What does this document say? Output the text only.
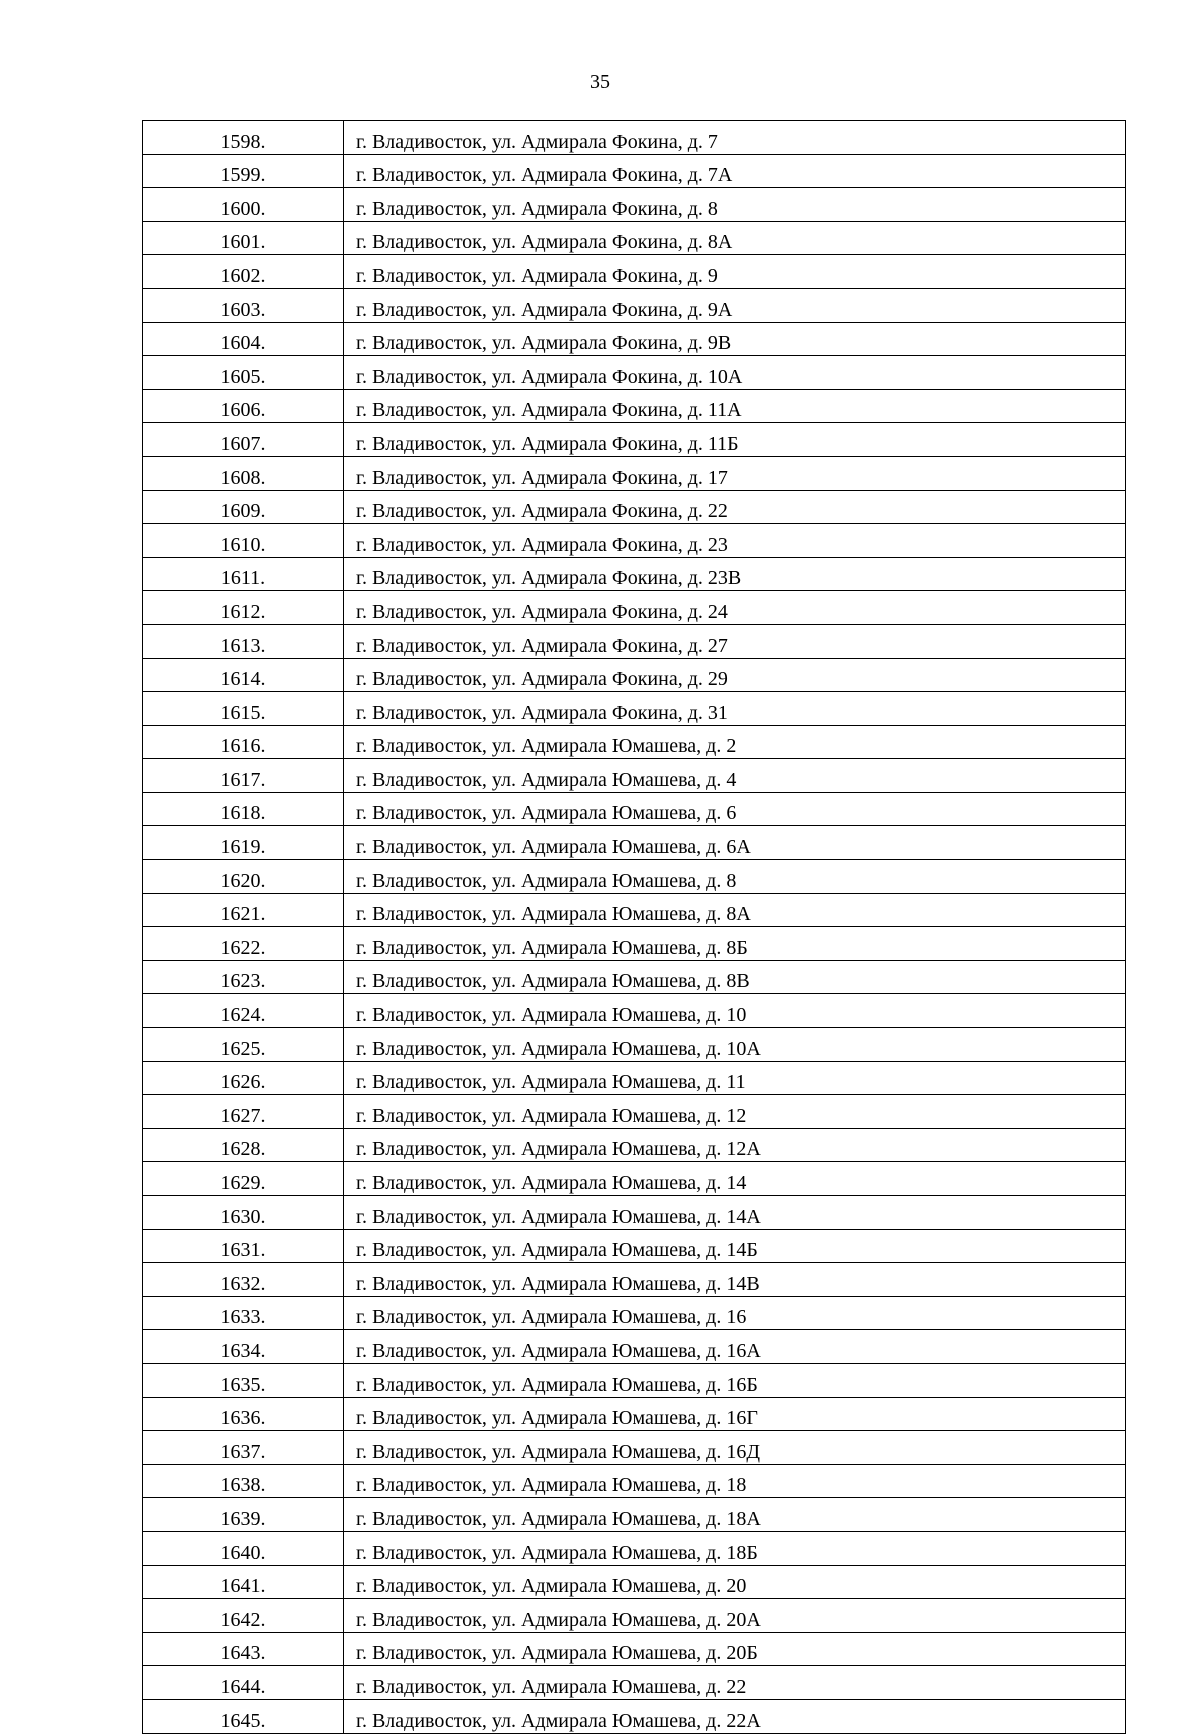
35
1598.	г. Владивосток, ул. Адмирала Фокина, д. 7
1599.	г. Владивосток, ул. Адмирала Фокина, д. 7А
1600.	г. Владивосток, ул. Адмирала Фокина, д. 8
1601.	г. Владивосток, ул. Адмирала Фокина, д. 8А
1602.	г. Владивосток, ул. Адмирала Фокина, д. 9
1603.	г. Владивосток, ул. Адмирала Фокина, д. 9А
1604.	г. Владивосток, ул. Адмирала Фокина, д. 9В
1605.	г. Владивосток, ул. Адмирала Фокина, д. 10А
1606.	г. Владивосток, ул. Адмирала Фокина, д. 11А
1607.	г. Владивосток, ул. Адмирала Фокина, д. 11Б
1608.	г. Владивосток, ул. Адмирала Фокина, д. 17
1609.	г. Владивосток, ул. Адмирала Фокина, д. 22
1610.	г. Владивосток, ул. Адмирала Фокина, д. 23
1611.	г. Владивосток, ул. Адмирала Фокина, д. 23В
1612.	г. Владивосток, ул. Адмирала Фокина, д. 24
1613.	г. Владивосток, ул. Адмирала Фокина, д. 27
1614.	г. Владивосток, ул. Адмирала Фокина, д. 29
1615.	г. Владивосток, ул. Адмирала Фокина, д. 31
1616.	г. Владивосток, ул. Адмирала Юмашева, д. 2
1617.	г. Владивосток, ул. Адмирала Юмашева, д. 4
1618.	г. Владивосток, ул. Адмирала Юмашева, д. 6
1619.	г. Владивосток, ул. Адмирала Юмашева, д. 6А
1620.	г. Владивосток, ул. Адмирала Юмашева, д. 8
1621.	г. Владивосток, ул. Адмирала Юмашева, д. 8А
1622.	г. Владивосток, ул. Адмирала Юмашева, д. 8Б
1623.	г. Владивосток, ул. Адмирала Юмашева, д. 8В
1624.	г. Владивосток, ул. Адмирала Юмашева, д. 10
1625.	г. Владивосток, ул. Адмирала Юмашева, д. 10А
1626.	г. Владивосток, ул. Адмирала Юмашева, д. 11
1627.	г. Владивосток, ул. Адмирала Юмашева, д. 12
1628.	г. Владивосток, ул. Адмирала Юмашева, д. 12А
1629.	г. Владивосток, ул. Адмирала Юмашева, д. 14
1630.	г. Владивосток, ул. Адмирала Юмашева, д. 14А
1631.	г. Владивосток, ул. Адмирала Юмашева, д. 14Б
1632.	г. Владивосток, ул. Адмирала Юмашева, д. 14В
1633.	г. Владивосток, ул. Адмирала Юмашева, д. 16
1634.	г. Владивосток, ул. Адмирала Юмашева, д. 16А
1635.	г. Владивосток, ул. Адмирала Юмашева, д. 16Б
1636.	г. Владивосток, ул. Адмирала Юмашева, д. 16Г
1637.	г. Владивосток, ул. Адмирала Юмашева, д. 16Д
1638.	г. Владивосток, ул. Адмирала Юмашева, д. 18
1639.	г. Владивосток, ул. Адмирала Юмашева, д. 18А
1640.	г. Владивосток, ул. Адмирала Юмашева, д. 18Б
1641.	г. Владивосток, ул. Адмирала Юмашева, д. 20
1642.	г. Владивосток, ул. Адмирала Юмашева, д. 20А
1643.	г. Владивосток, ул. Адмирала Юмашева, д. 20Б
1644.	г. Владивосток, ул. Адмирала Юмашева, д. 22
1645.	г. Владивосток, ул. Адмирала Юмашева, д. 22А
